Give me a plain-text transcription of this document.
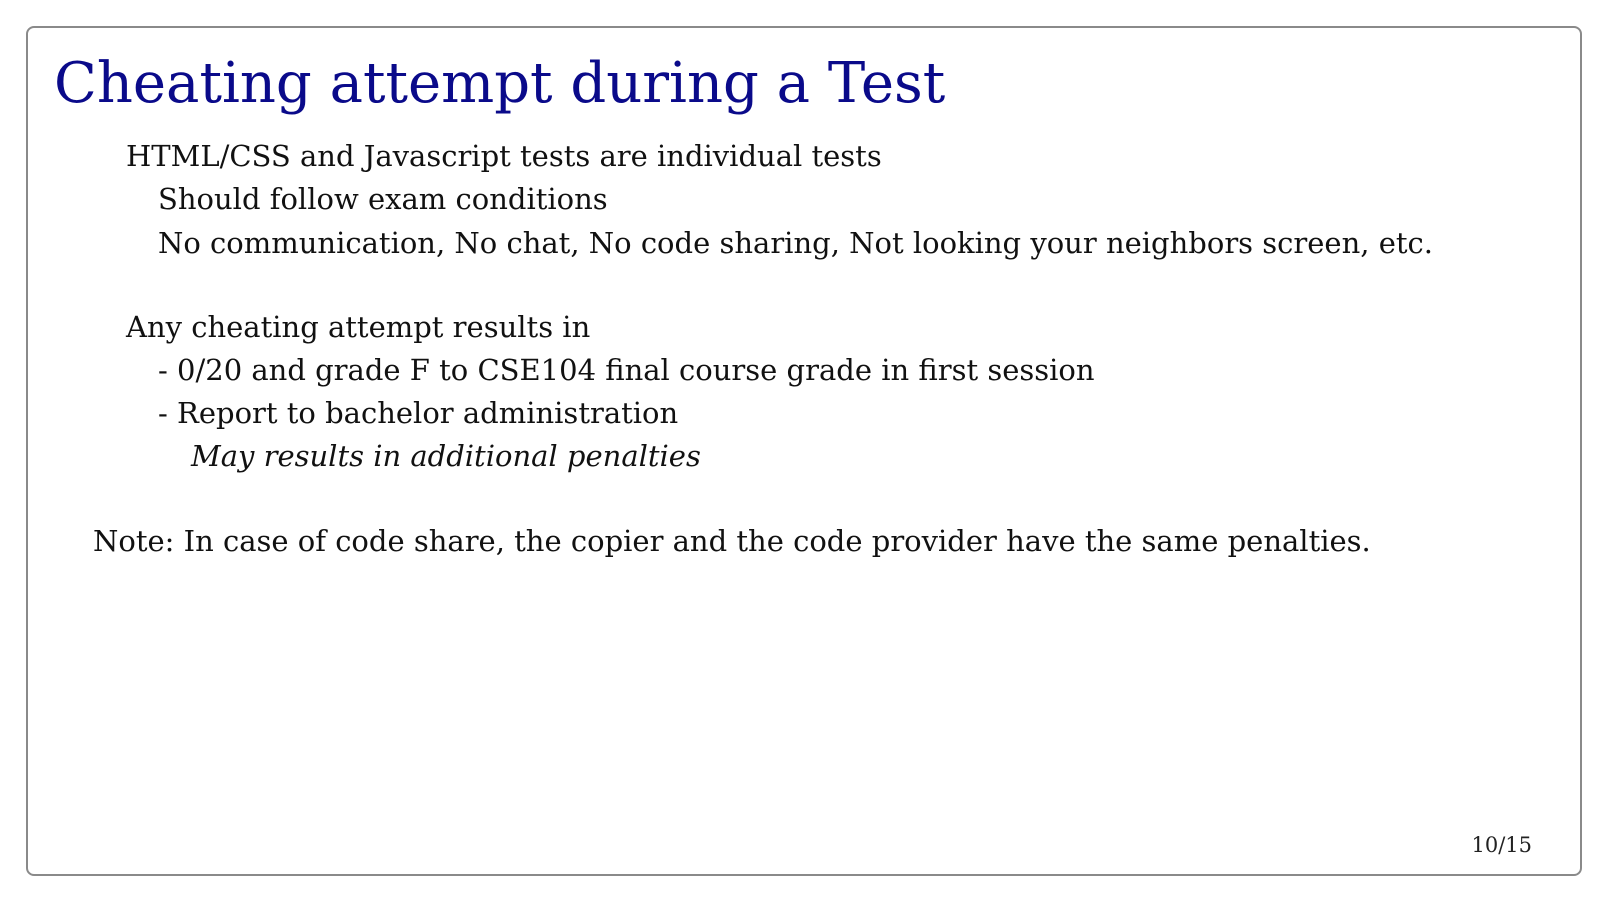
Cheating attempt during a Test
HTML/CSS and Javascript tests are individual tests
Should follow exam conditions
No communication, No chat, No code sharing, Not looking your neighbors screen, etc.
Any cheating attempt results in
- 0/20 and grade F to CSE104 final course grade in first session
- Report to bachelor administration
May results in additional penalties
Note: In case of code share, the copier and the code provider have the same penalties.
10/15
